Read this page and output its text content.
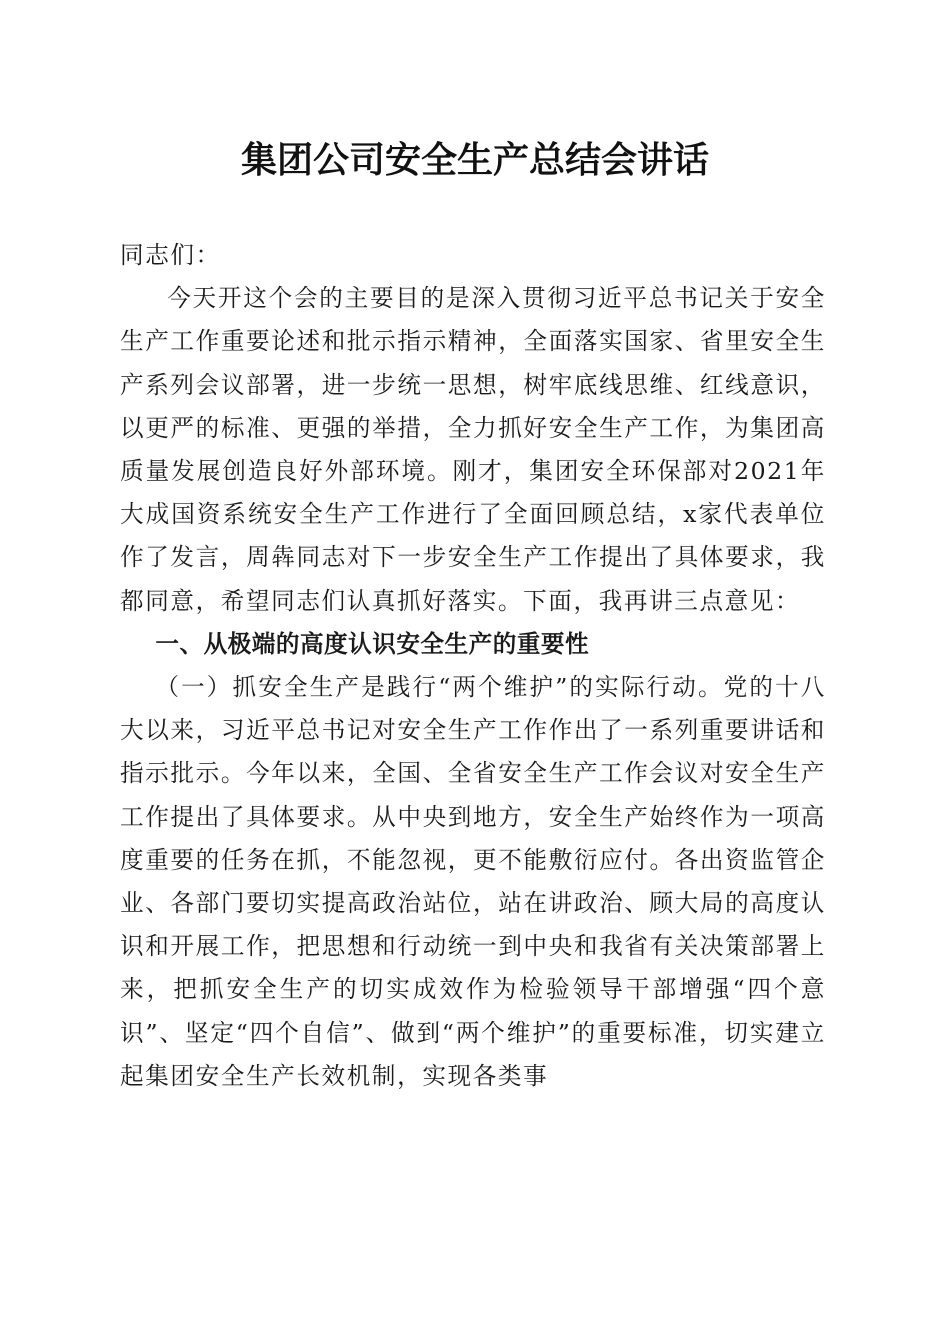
集团公司安全生产总结会讲话

同志们：

今天开这个会的主要目的是深入贯彻习近平总书记关于安全生产工作重要论述和批示指示精神，全面落实国家、省里安全生产系列会议部署，进一步统一思想，树牢底线思维、红线意识，以更严的标准、更强的举措，全力抓好安全生产工作，为集团高质量发展创造良好外部环境。刚才，集团安全环保部对2021年大成国资系统安全生产工作进行了全面回顾总结，x家代表单位作了发言，周犇同志对下一步安全生产工作提出了具体要求，我都同意，希望同志们认真抓好落实。下面，我再讲三点意见：

一、从极端的高度认识安全生产的重要性

（一）抓安全生产是践行“两个维护”的实际行动。党的十八大以来，习近平总书记对安全生产工作作出了一系列重要讲话和指示批示。今年以来，全国、全省安全生产工作会议对安全生产工作提出了具体要求。从中央到地方，安全生产始终作为一项高度重要的任务在抓，不能忽视，更不能敷衍应付。各出资监管企业、各部门要切实提高政治站位，站在讲政治、顾大局的高度认识和开展工作，把思想和行动统一到中央和我省有关决策部署上来，把抓安全生产的切实成效作为检验领导干部增强“四个意识”、坚定“四个自信”、做到“两个维护”的重要标准，切实建立起集团安全生产长效机制，实现各类事
